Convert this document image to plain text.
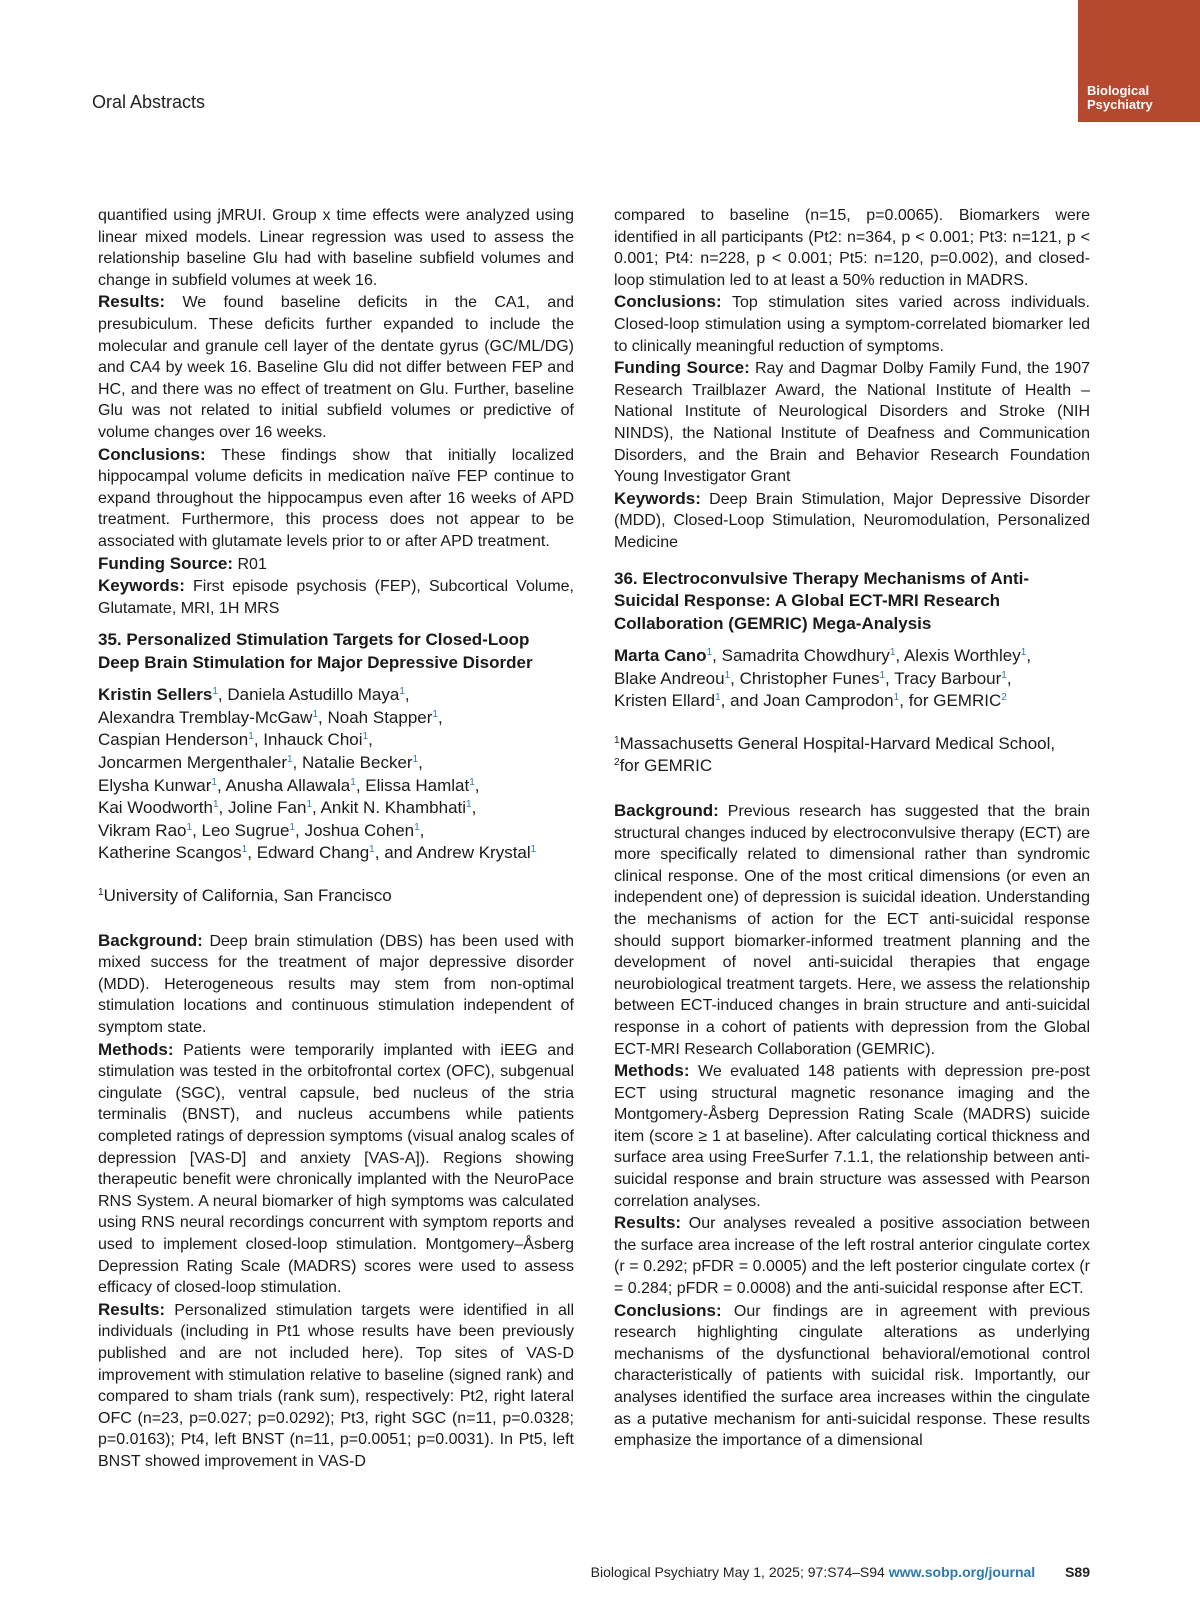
Oral Abstracts
Biological
Psychiatry

quantified using jMRUI. Group x time effects were analyzed using linear mixed models. Linear regression was used to assess the relationship baseline Glu had with baseline subfield volumes and change in subfield volumes at week 16.

Results: We found baseline deficits in the CA1, and presubiculum. These deficits further expanded to include the molecular and granule cell layer of the dentate gyrus (GC/ML/DG) and CA4 by week 16. Baseline Glu did not differ between FEP and HC, and there was no effect of treatment on Glu. Further, baseline Glu was not related to initial subfield volumes or predictive of volume changes over 16 weeks.

Conclusions: These findings show that initially localized hippocampal volume deficits in medication naïve FEP continue to expand throughout the hippocampus even after 16 weeks of APD treatment. Furthermore, this process does not appear to be associated with glutamate levels prior to or after APD treatment.

Funding Source: R01

Keywords: First episode psychosis (FEP), Subcortical Volume, Glutamate, MRI, 1H MRS

35. Personalized Stimulation Targets for Closed-Loop Deep Brain Stimulation for Major Depressive Disorder

Kristin Sellers$^1$, Daniela Astudillo Maya$^1$,
Alexandra Tremblay-McGaw$^1$, Noah Stapper$^1$,
Caspian Henderson$^1$, Inhauck Choi$^1$,
Joncarmen Mergenthaler$^1$, Natalie Becker$^1$,
Elysha Kunwar$^1$, Anusha Allawala$^1$, Elissa Hamlat$^1$,
Kai Woodworth$^1$, Joline Fan$^1$, Ankit N. Khambhati$^1$,
Vikram Rao$^1$, Leo Sugrue$^1$, Joshua Cohen$^1$,
Katherine Scangos$^1$, Edward Chang$^1$, and Andrew Krystal$^1$

$^1$University of California, San Francisco

Background: Deep brain stimulation (DBS) has been used with mixed success for the treatment of major depressive disorder (MDD). Heterogeneous results may stem from non-optimal stimulation locations and continuous stimulation independent of symptom state.

Methods: Patients were temporarily implanted with iEEG and stimulation was tested in the orbitofrontal cortex (OFC), subgenual cingulate (SGC), ventral capsule, bed nucleus of the stria terminalis (BNST), and nucleus accumbens while patients completed ratings of depression symptoms (visual analog scales of depression [VAS-D] and anxiety [VAS-A]). Regions showing therapeutic benefit were chronically implanted with the NeuroPace RNS System. A neural biomarker of high symptoms was calculated using RNS neural recordings concurrent with symptom reports and used to implement closed-loop stimulation. Montgomery–Åsberg Depression Rating Scale (MADRS) scores were used to assess efficacy of closed-loop stimulation.

Results: Personalized stimulation targets were identified in all individuals (including in Pt1 whose results have been previously published and are not included here). Top sites of VAS-D improvement with stimulation relative to baseline (signed rank) and compared to sham trials (rank sum), respectively: Pt2, right lateral OFC (n=23, p=0.027; p=0.0292); Pt3, right SGC (n=11, p=0.0328; p=0.0163); Pt4, left BNST (n=11, p=0.0051; p=0.0031). In Pt5, left BNST showed improvement in VAS-D

compared to baseline (n=15, p=0.0065). Biomarkers were identified in all participants (Pt2: n=364, p < 0.001; Pt3: n=121, p < 0.001; Pt4: n=228, p < 0.001; Pt5: n=120, p=0.002), and closed-loop stimulation led to at least a 50% reduction in MADRS.

Conclusions: Top stimulation sites varied across individuals. Closed-loop stimulation using a symptom-correlated biomarker led to clinically meaningful reduction of symptoms.

Funding Source: Ray and Dagmar Dolby Family Fund, the 1907 Research Trailblazer Award, the National Institute of Health – National Institute of Neurological Disorders and Stroke (NIH NINDS), the National Institute of Deafness and Communication Disorders, and the Brain and Behavior Research Foundation Young Investigator Grant

Keywords: Deep Brain Stimulation, Major Depressive Disorder (MDD), Closed-Loop Stimulation, Neuromodulation, Personalized Medicine

36. Electroconvulsive Therapy Mechanisms of Anti-Suicidal Response: A Global ECT-MRI Research Collaboration (GEMRIC) Mega-Analysis

Marta Cano$^1$, Samadrita Chowdhury$^1$, Alexis Worthley$^1$,
Blake Andreou$^1$, Christopher Funes$^1$, Tracy Barbour$^1$,
Kristen Ellard$^1$, and Joan Camprodon$^1$, for GEMRIC$^2$

$^1$Massachusetts General Hospital-Harvard Medical School,
$^2$for GEMRIC

Background: Previous research has suggested that the brain structural changes induced by electroconvulsive therapy (ECT) are more specifically related to dimensional rather than syndromic clinical response. One of the most critical dimensions (or even an independent one) of depression is suicidal ideation. Understanding the mechanisms of action for the ECT anti-suicidal response should support biomarker-informed treatment planning and the development of novel anti-suicidal therapies that engage neurobiological treatment targets. Here, we assess the relationship between ECT-induced changes in brain structure and anti-suicidal response in a cohort of patients with depression from the Global ECT-MRI Research Collaboration (GEMRIC).

Methods: We evaluated 148 patients with depression pre-post ECT using structural magnetic resonance imaging and the Montgomery-Åsberg Depression Rating Scale (MADRS) suicide item (score ≥ 1 at baseline). After calculating cortical thickness and surface area using FreeSurfer 7.1.1, the relationship between anti-suicidal response and brain structure was assessed with Pearson correlation analyses.

Results: Our analyses revealed a positive association between the surface area increase of the left rostral anterior cingulate cortex (r = 0.292; pFDR = 0.0005) and the left posterior cingulate cortex (r = 0.284; pFDR = 0.0008) and the anti-suicidal response after ECT.

Conclusions: Our findings are in agreement with previous research highlighting cingulate alterations as underlying mechanisms of the dysfunctional behavioral/emotional control characteristically of patients with suicidal risk. Importantly, our analyses identified the surface area increases within the cingulate as a putative mechanism for anti-suicidal response. These results emphasize the importance of a dimensional

Biological Psychiatry May 1, 2025; 97:S74–S94 www.sobp.org/journal S89
